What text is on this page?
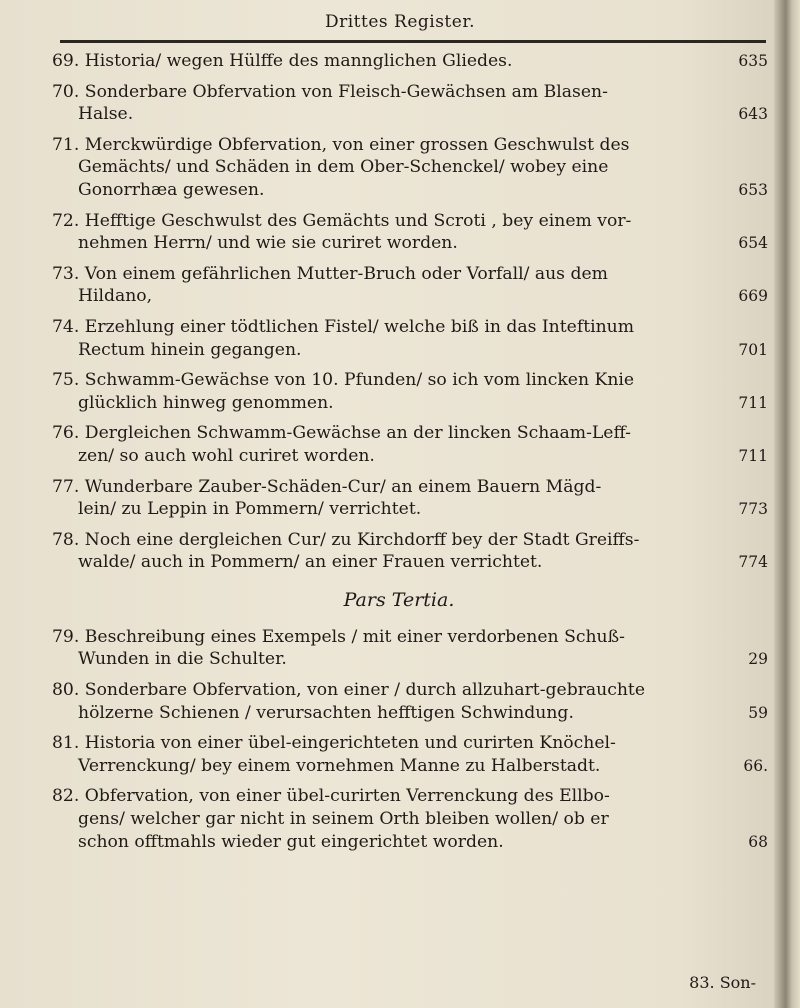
Drittes Register.
69. Historia/ wegen Hülffe des mannglichen Gliedes.	635
70. Sonderbare Obfervation von Fleisch-Gewächsen am Blasen-
Halse.	643
71. Merckwürdige Obfervation, von einer grossen Geschwulst des
Gemächts/ und Schäden in dem Ober-Schenckel/ wobey eine
Gonorrhæa gewesen.	653
72. Hefftige Geschwulst des Gemächts und Scroti , bey einem vor-
nehmen Herrn/ und wie sie curiret worden.	654
73. Von einem gefährlichen Mutter-Bruch oder Vorfall/ aus dem
Hildano,	669
74. Erzehlung einer tödtlichen Fistel/ welche biß in das Inteftinum
Rectum hinein gegangen.	701
75. Schwamm-Gewächse von 10. Pfunden/ so ich vom lincken Knie
glücklich hinweg genommen.	711
76. Dergleichen Schwamm-Gewächse an der lincken Schaam-Leff-
zen/ so auch wohl curiret worden.	711
77. Wunderbare Zauber-Schäden-Cur/ an einem Bauern Mägd-
lein/ zu Leppin in Pommern/ verrichtet.	773
78. Noch eine dergleichen Cur/ zu Kirchdorff bey der Stadt Greiffs-
walde/ auch in Pommern/ an einer Frauen verrichtet.	774
Pars Tertia.
79. Beschreibung eines Exempels / mit einer verdorbenen Schuß-
Wunden in die Schulter.	29
80. Sonderbare Obfervation, von einer / durch allzuhart-gebrauchte
hölzerne Schienen / verursachten hefftigen Schwindung.	59
81. Historia von einer übel-eingerichteten und curirten Knöchel-
Verrenckung/ bey einem vornehmen Manne zu Halberstadt.	66.
82. Obfervation, von einer übel-curirten Verrenckung des Ellbo-
gens/ welcher gar nicht in seinem Orth bleiben wollen/ ob er
schon offtmahls wieder gut eingerichtet worden.	68
83. Son-
